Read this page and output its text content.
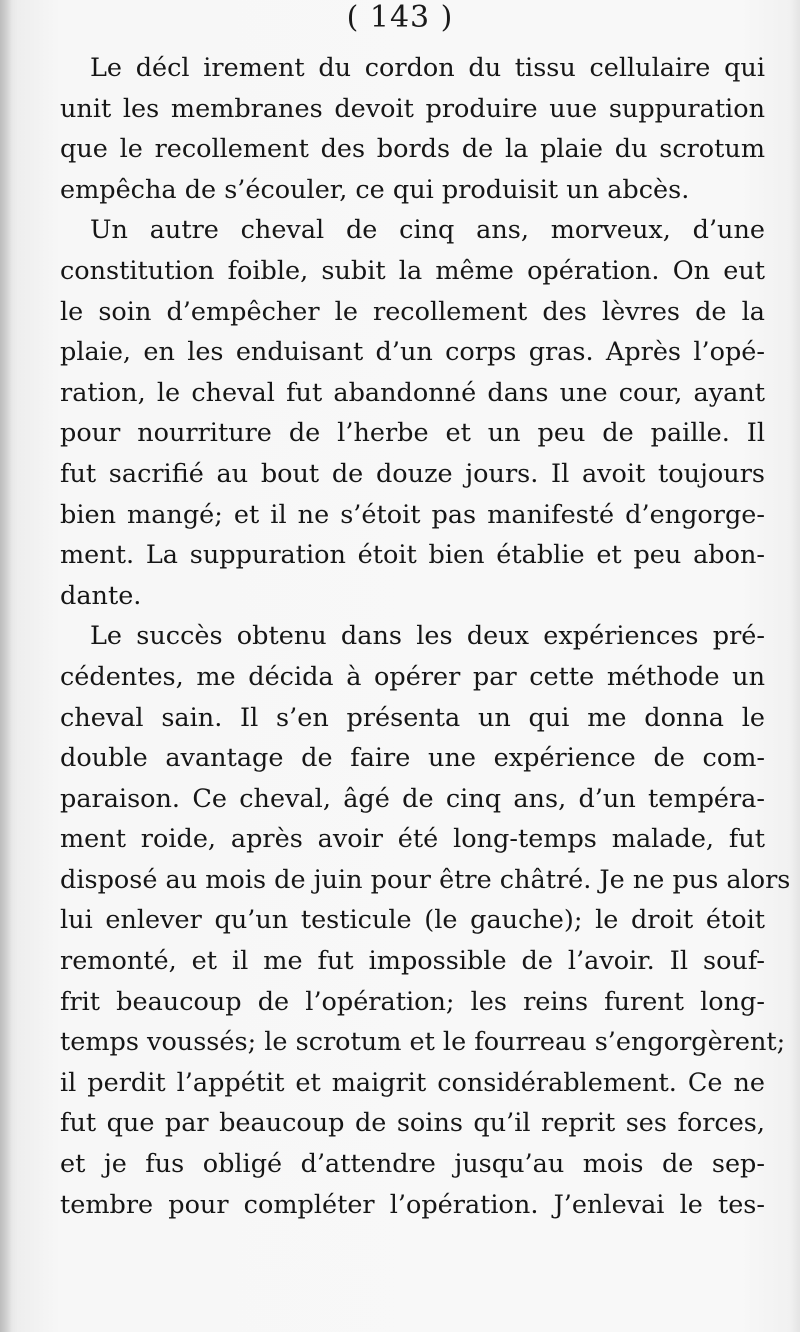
( 143 )
Le décl irement du cordon du tissu cellulaire qui
unit les membranes devoit produire uue suppuration
que le recollement des bords de la plaie du scrotum
empêcha de s’écouler, ce qui produisit un abcès.
Un autre cheval de cinq ans, morveux, d’une
constitution foible, subit la même opération. On eut
le soin d’empêcher le recollement des lèvres de la
plaie, en les enduisant d’un corps gras. Après l’opé-
ration, le cheval fut abandonné dans une cour, ayant
pour nourriture de l’herbe et un peu de paille. Il
fut sacrifié au bout de douze jours. Il avoit toujours
bien mangé; et il ne s’étoit pas manifesté d’engorge-
ment. La suppuration étoit bien établie et peu abon-
dante.
Le succès obtenu dans les deux expériences pré-
cédentes, me décida à opérer par cette méthode un
cheval sain. Il s’en présenta un qui me donna le
double avantage de faire une expérience de com-
paraison. Ce cheval, âgé de cinq ans, d’un tempéra-
ment roide, après avoir été long-temps malade, fut
disposé au mois de juin pour être châtré. Je ne pus alors
lui enlever qu’un testicule (le gauche); le droit étoit
remonté, et il me fut impossible de l’avoir. Il souf-
frit beaucoup de l’opération; les reins furent long-
temps voussés; le scrotum et le fourreau s’engorgèrent;
il perdit l’appétit et maigrit considérablement. Ce ne
fut que par beaucoup de soins qu’il reprit ses forces,
et je fus obligé d’attendre jusqu’au mois de sep-
tembre pour compléter l’opération. J’enlevai le tes-
